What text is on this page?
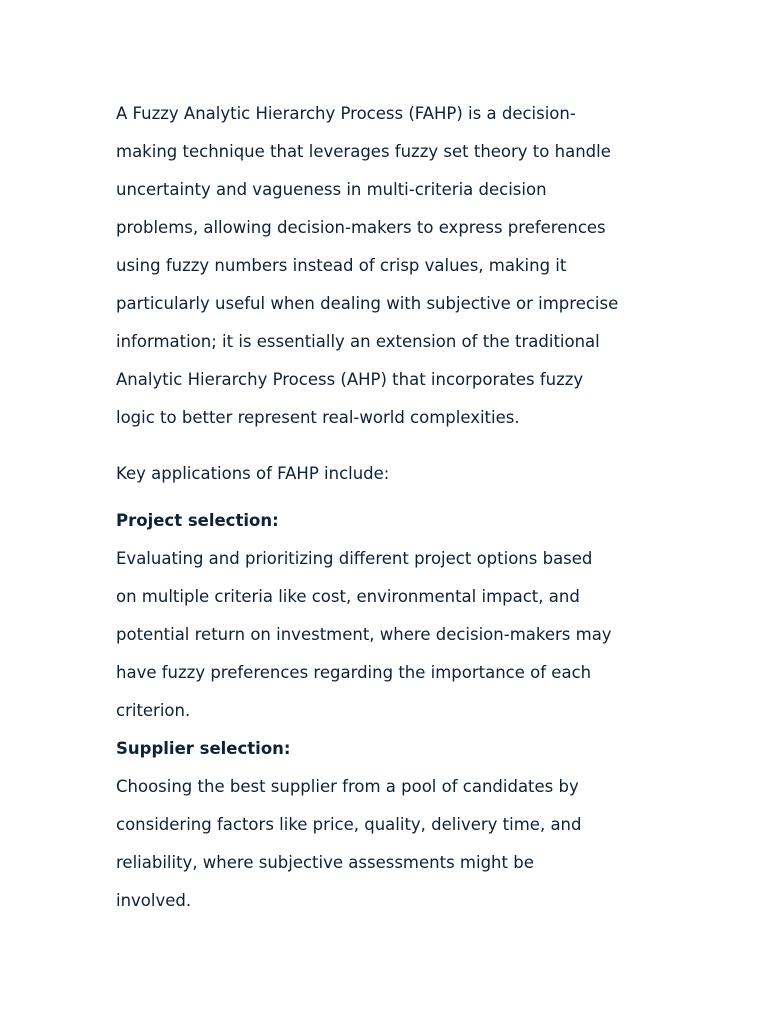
A Fuzzy Analytic Hierarchy Process (FAHP) is a decision-
making technique that leverages fuzzy set theory to handle
uncertainty and vagueness in multi-criteria decision
problems, allowing decision-makers to express preferences
using fuzzy numbers instead of crisp values, making it
particularly useful when dealing with subjective or imprecise
information; it is essentially an extension of the traditional
Analytic Hierarchy Process (AHP) that incorporates fuzzy
logic to better represent real-world complexities.
Key applications of FAHP include:
Project selection:
Evaluating and prioritizing different project options based
on multiple criteria like cost, environmental impact, and
potential return on investment, where decision-makers may
have fuzzy preferences regarding the importance of each
criterion.
Supplier selection:
Choosing the best supplier from a pool of candidates by
considering factors like price, quality, delivery time, and
reliability, where subjective assessments might be
involved.
